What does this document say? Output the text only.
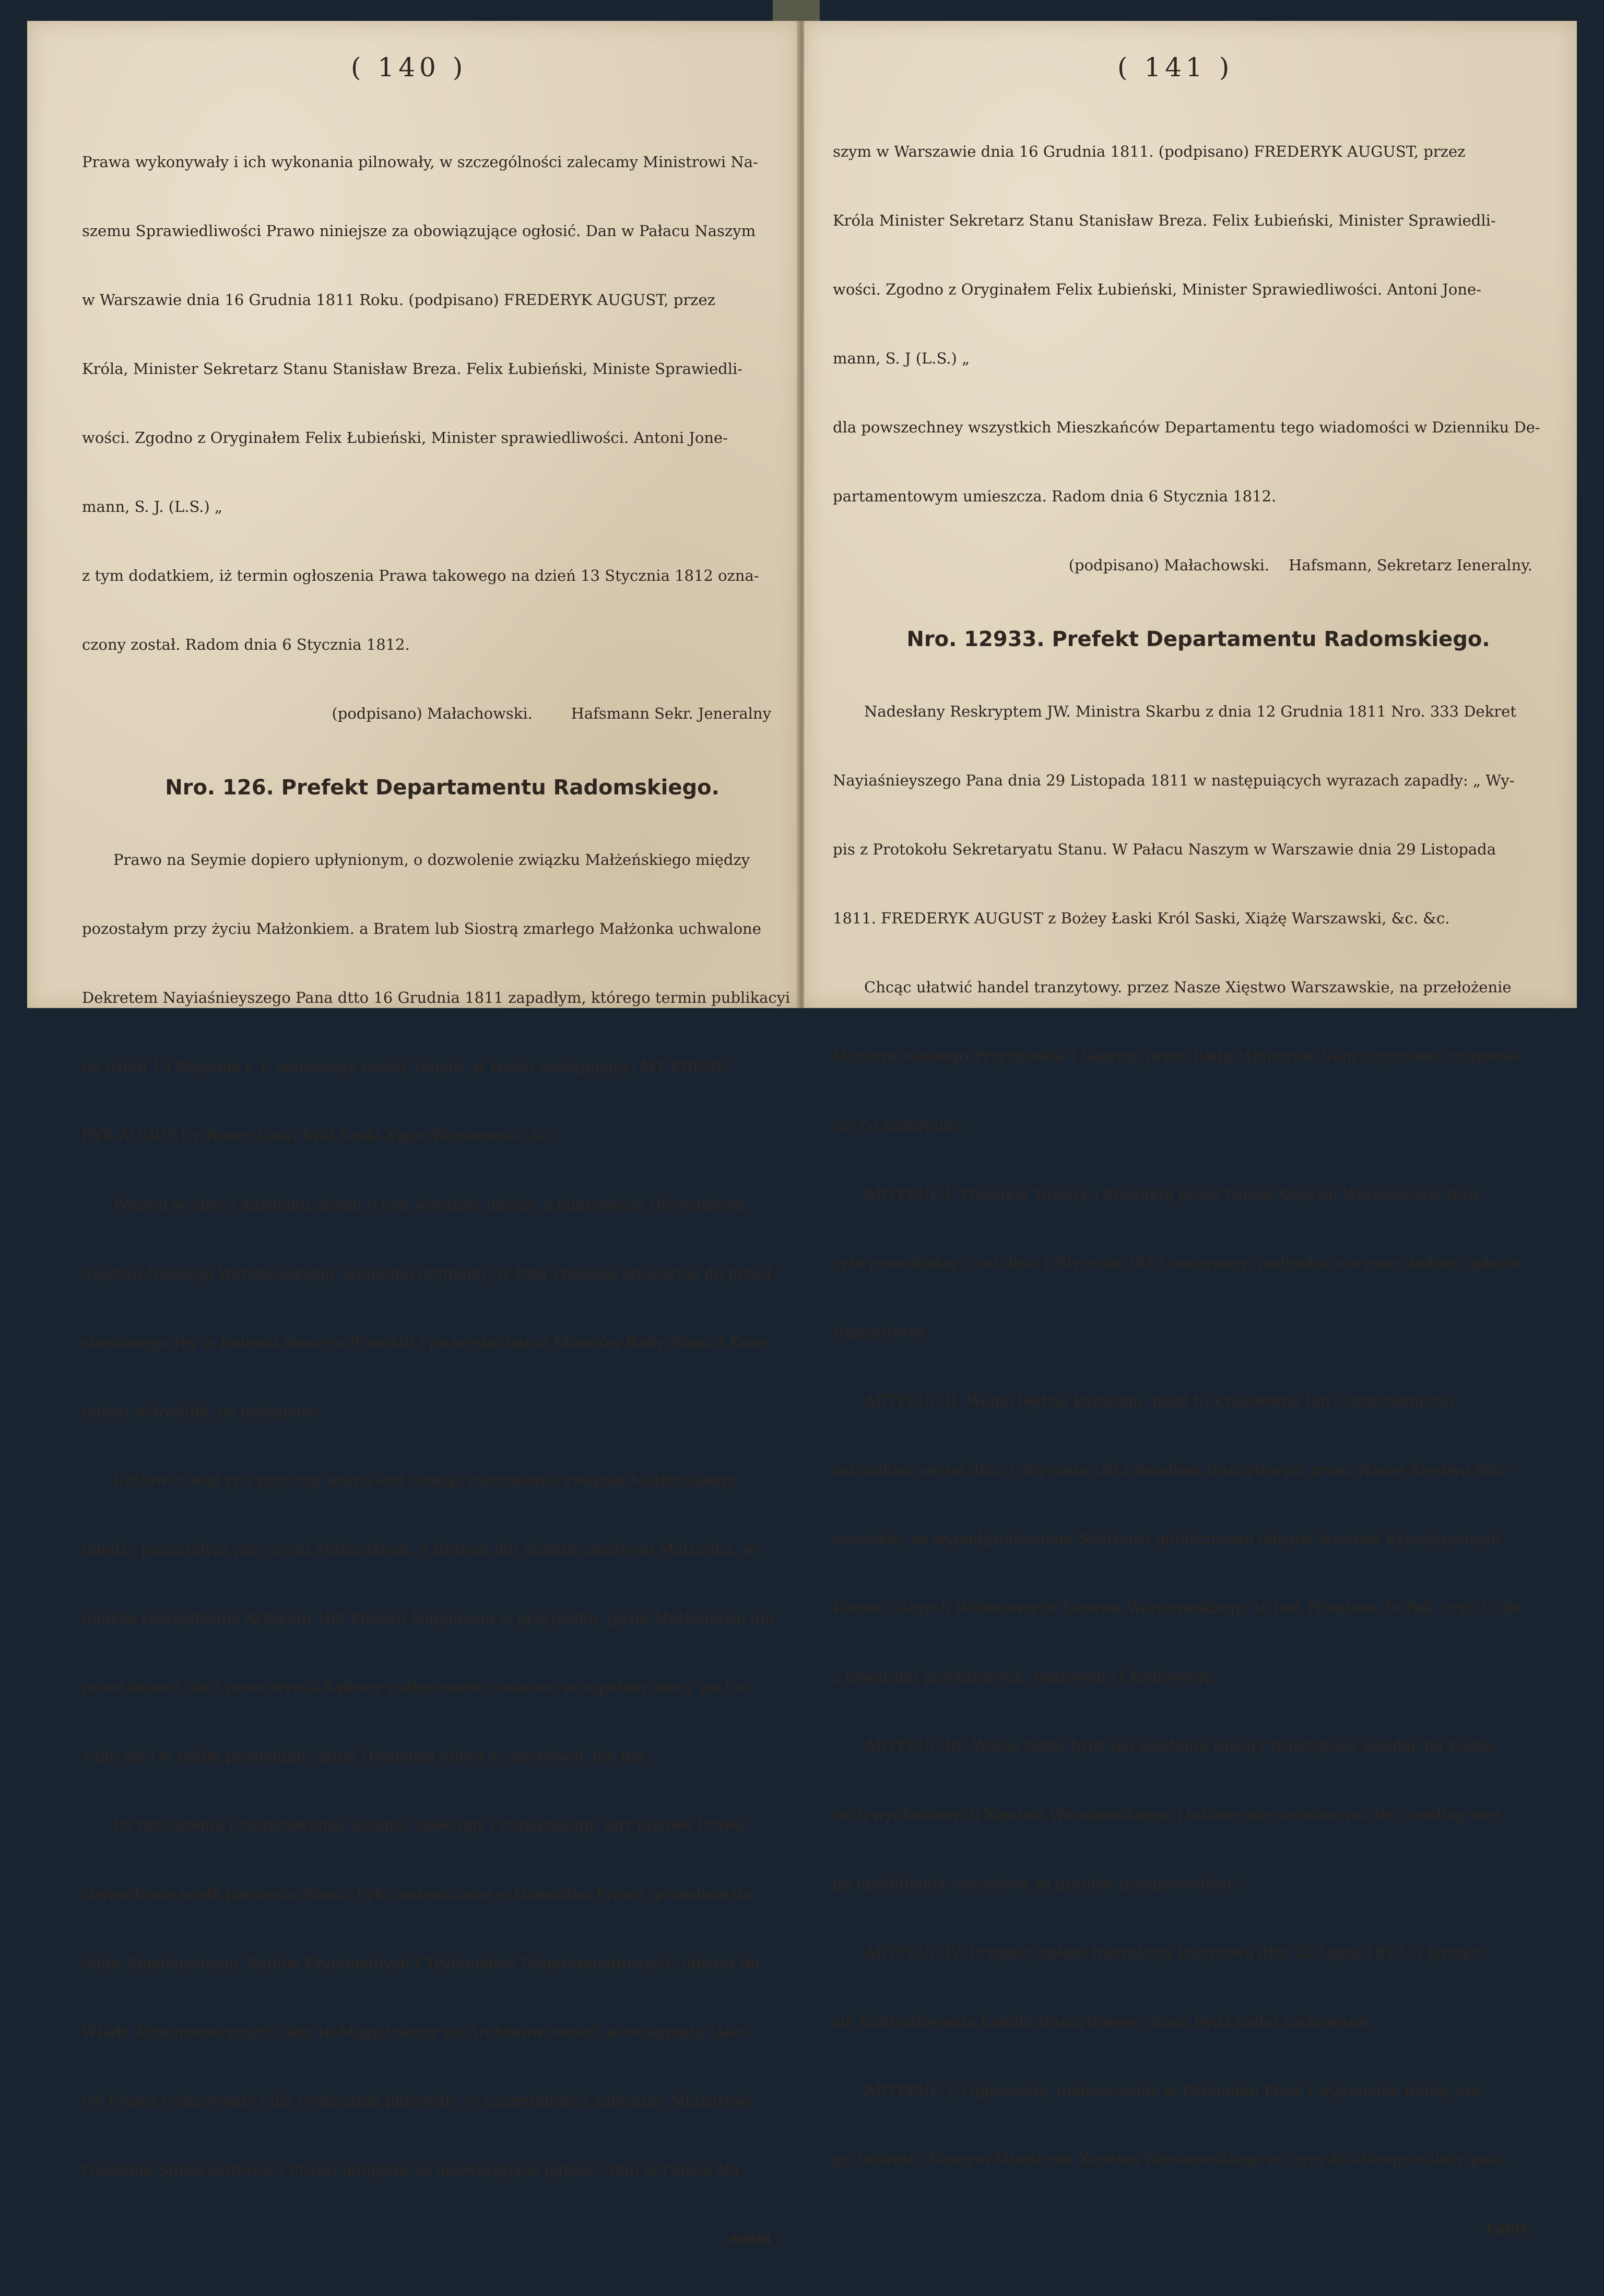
( 140 )

Prawa wykonywały i ich wykonania pilnowały, w szczególności zalecamy Ministrowi Na-

szemu Sprawiedliwości Prawo niniejsze za obowiązujące ogłosić. Dan w Pałacu Naszym

w Warszawie dnia 16 Grudnia 1811 Roku. (podpisano) FREDERYK AUGUST, przez

Króla, Minister Sekretarz Stanu Stanisław Breza. Felix Łubieński, Ministe Sprawiedli-

wości. Zgodno z Oryginałem Felix Łubieński, Minister sprawiedliwości. Antoni Jone-

mann, S. J. (L.S.) „

z tym dodatkiem, iż termin ogłoszenia Prawa takowego na dzień 13 Stycznia 1812 ozna-

czony został. Radom dnia 6 Stycznia 1812.

(podpisano) Małachowski.        Hafsmann Sekr. Jeneralny

Nro. 126. Prefekt Departamentu Radomskiego.

Prawo na Seymie dopiero upłynionym, o dozwolenie związku Małżeńskiego między

pozostałym przy życiu Małżonkiem. a Bratem lub Siostrą zmarłego Małżonka uchwalone

Dekretem Nayiaśnieyszego Pana dtto 16 Grudnia 1811 zapadłym, którego termin publikacyi

na dzień 13 Stycznia r. t. oznaczony został, obięte, w treści następujący: MY FREDE-

RYK AUGUST z Bożey Łaski Król Saski Xiąże Warszawski, &c.

Wszem w obec i każdemu, komu o tym wiedzieć należy, a mianowicie Obywatelom

Xięstwa Naszego Warszawskizgo. wiadomo czyniemy, iż Izba Poselska stosownie do przed-

stawionego Jey w Imieniu Naszym Proiektu i po wysłuchaniu Mowców Rady Stanu i Kom-

missyi uchwaliła, co następuie:

Królowi z waż ych przy zyn wolno iest usunąć zabronienie związku Małżeńskiego

między pozostałym przy życiu Małżonkiem, a Bratem lub Siostrą zmarłego Małżonka, ie-

dnakże rozrządzenie Artykułu 162 Kodexu Napoleona w przypadku, gdzie Małżeństwo nie

przez śmierć, lecz przez wyrok Sądowy rozłączonem zostanie, w zupełney mocy zacho-

wuie się i w takim przypadku żadna Dyspensa mieys a znaydować nie ma.

Po rozważeniu przedstawienia Senatu, zalecamy i rozkazuiemy, aby takowe Prawo

stwierdzone wielk pieczęcią Stanu, było umieszczone w Dzienniku Prawa, przesłane do

Sądu Appelacyinego, Sądów Kryminalnych i Trybunałów Departamentowych, tudzież do

Władz Administracyinych, aby te Magistratury do Archiwów swoich ie wciągnęły, tako-

we Prawa wykonywały i ich wykonania pilnowały, w szczególności zalecamy Ministrowi

Naszomu Sprawiedliwości Prawo niniejsze za obowiązujące ogłosić. Dan w Pałacu Na-

szem

( 141 )

szym w Warszawie dnia 16 Grudnia 1811. (podpisano) FREDERYK AUGUST, przez

Króla Minister Sekretarz Stanu Stanisław Breza. Felix Łubieński, Minister Sprawiedli-

wości. Zgodno z Oryginałem Felix Łubieński, Minister Sprawiedliwości. Antoni Jone-

mann, S. J (L.S.) „

dla powszechney wszystkich Mieszkańców Departamentu tego wiadomości w Dzienniku De-

partamentowym umieszcza. Radom dnia 6 Stycznia 1812.

(podpisano) Małachowski.    Hafsmann, Sekretarz Ieneralny.

Nro. 12933. Prefekt Departamentu Radomskiego.

Nadesłany Reskryptem JW. Ministra Skarbu z dnia 12 Grudnia 1811 Nro. 333 Dekret

Nayiaśnieyszego Pana dnia 29 Listopada 1811 w następuiących wyrazach zapadły: „ Wy-

pis z Protokołu Sekretaryatu Stanu. W Pałacu Naszym w Warszawie dnia 29 Listopada

1811. FREDERYK AUGUST z Bożey Łaski Król Saski, Xiążę Warszawski, &c. &c.

Chcąc ułatwić handel tranzytowy. przez Nasze Xięstwo Warszawskie, na przełożenie

Ministra Naszego Przychodów i Skarbu, przez Radę Ministrów Nam uczynione, stanowie-

my co następuie:

ARTYKUŁ I. Wszelkie Towary i Produkta przez Nasze Xięstwo Warszawskie tran-

zyto przechodzą c, od dnia 1 Stycznia 1812 zacząwszy, podpadać nie maią żadney opłacie

tranzytowey

ARTYKUŁ II. Wolno będzie każdemu, bądź to Kraiowemu lub Cudzoziemcowi

zatrudniać się od dnia 1 Stycznia 1812 handlem tranzytowym przez Nasze Xięstwo War-

szawskie, za wynadgrodzeniem Skarbowi publicznemu iedynie kosztów Expedycyinych

Komor Celnych Wchodowych Xięstwa Warszawskiego, to iest Plombow do Pak, czyli Colis

z towarami przyłożonych, wagowego i kwitowego.

ARTYKUŁ III. Wolno także bydź ma każdemu towary tranzytowe składać na Komo-

rach wychodowych Xięstwa Warszawskiego, i takowe nie na ieden raz lecz według swe

go upodobania succesiwe za granice przeprowadzać.

ARTYKUŁ IV. Przepisy obięte Instrukcyą trazytową dtto 23 Lipca 1810, a tyczące

się Kontrollowania handlu tranzytowego, maią bydź nadal zachowane.

ARTYKUŁ V, Ogłoszenie, umieszczenie w Dzienniku Praw i wykonanie niniey sze-

go Dekretu, Naszym Ministrom Xięstwa Warszawskiego w czym do którego należy pole-

camy.
